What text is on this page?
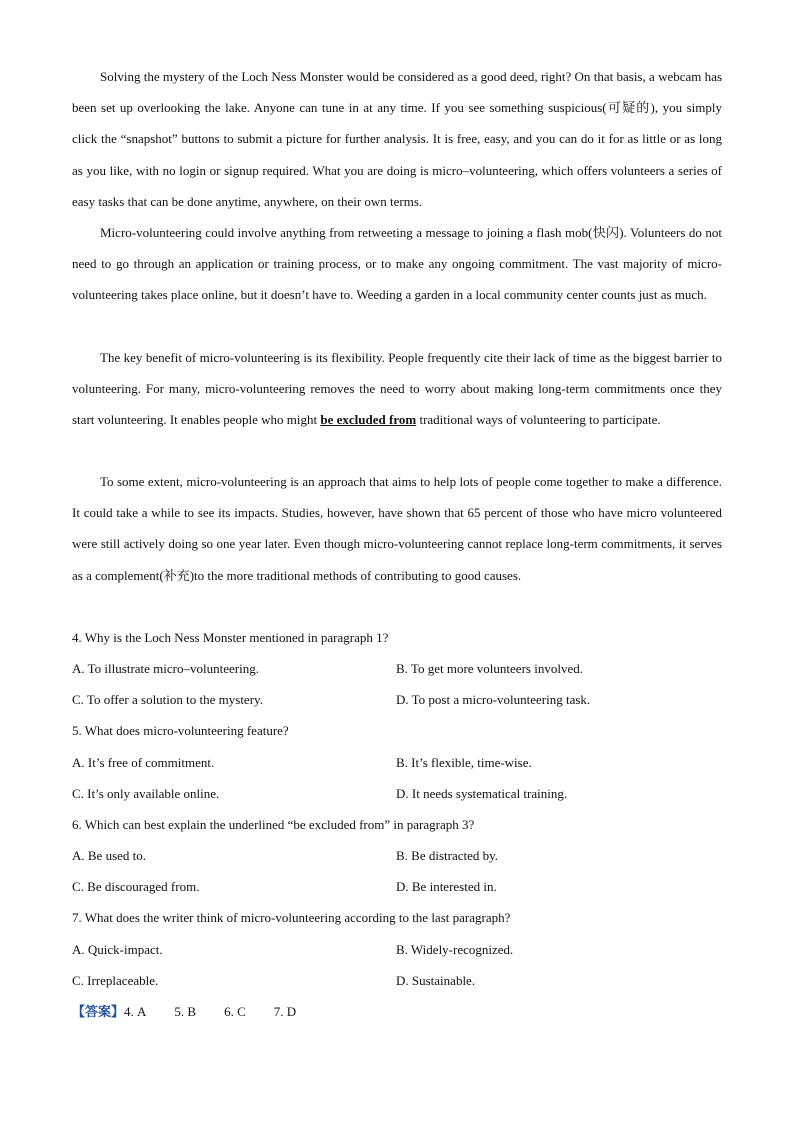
Solving the mystery of the Loch Ness Monster would be considered as a good deed, right? On that basis, a webcam has been set up overlooking the lake. Anyone can tune in at any time. If you see something suspicious(可疑的), you simply click the “snapshot” buttons to submit a picture for further analysis. It is free, easy, and you can do it for as little or as long as you like, with no login or signup required. What you are doing is micro–volunteering, which offers volunteers a series of easy tasks that can be done anytime, anywhere, on their own terms.

Micro-volunteering could involve anything from retweeting a message to joining a flash mob(快闪). Volunteers do not need to go through an application or training process, or to make any ongoing commitment. The vast majority of micro-volunteering takes place online, but it doesn’t have to. Weeding a garden in a local community center counts just as much.

The key benefit of micro-volunteering is its flexibility. People frequently cite their lack of time as the biggest barrier to volunteering. For many, micro-volunteering removes the need to worry about making long-term commitments once they start volunteering. It enables people who might be excluded from traditional ways of volunteering to participate.

To some extent, micro-volunteering is an approach that aims to help lots of people come together to make a difference. It could take a while to see its impacts. Studies, however, have shown that 65 percent of those who have micro volunteered were still actively doing so one year later. Even though micro-volunteering cannot replace long-term commitments, it serves as a complement(补充)to the more traditional methods of contributing to good causes.

4. Why is the Loch Ness Monster mentioned in paragraph 1?
A. To illustrate micro–volunteering.	B. To get more volunteers involved.
C. To offer a solution to the mystery.	D. To post a micro-volunteering task.
5. What does micro-volunteering feature?
A. It’s free of commitment.	B. It’s flexible, time-wise.
C. It’s only available online.	D. It needs systematical training.
6. Which can best explain the underlined “be excluded from” in paragraph 3?
A. Be used to.	B. Be distracted by.
C. Be discouraged from.	D. Be interested in.
7. What does the writer think of micro-volunteering according to the last paragraph?
A. Quick-impact.	B. Widely-recognized.
C. Irreplaceable.	D. Sustainable.
【答案】4. A 5. B 6. C 7. D
